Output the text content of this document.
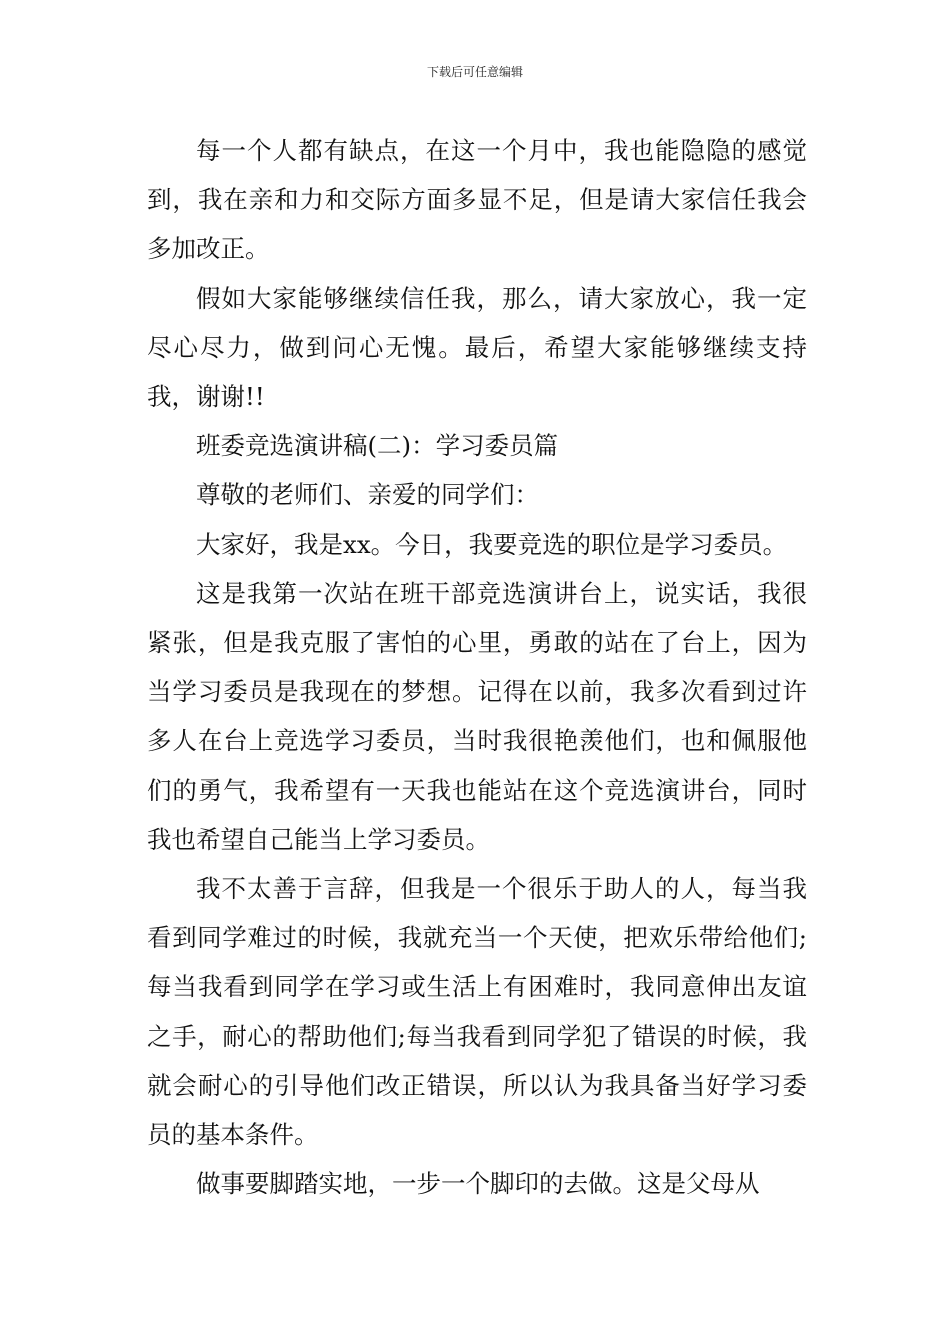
下载后可任意编辑

每一个人都有缺点，在这一个月中，我也能隐隐的感觉到，我在亲和力和交际方面多显不足，但是请大家信任我会多加改正。

假如大家能够继续信任我，那么，请大家放心，我一定尽心尽力，做到问心无愧。最后，希望大家能够继续支持我，谢谢!!

班委竞选演讲稿(二)：学习委员篇

尊敬的老师们、亲爱的同学们：

大家好，我是xx。今日，我要竞选的职位是学习委员。

这是我第一次站在班干部竞选演讲台上，说实话，我很紧张，但是我克服了害怕的心里，勇敢的站在了台上，因为当学习委员是我现在的梦想。记得在以前，我多次看到过许多人在台上竞选学习委员，当时我很艳羡他们，也和佩服他们的勇气，我希望有一天我也能站在这个竞选演讲台，同时我也希望自己能当上学习委员。

我不太善于言辞，但我是一个很乐于助人的人，每当我看到同学难过的时候，我就充当一个天使，把欢乐带给他们;每当我看到同学在学习或生活上有困难时，我同意伸出友谊之手，耐心的帮助他们;每当我看到同学犯了错误的时候，我就会耐心的引导他们改正错误，所以认为我具备当好学习委员的基本条件。

做事要脚踏实地，一步一个脚印的去做。这是父母从
